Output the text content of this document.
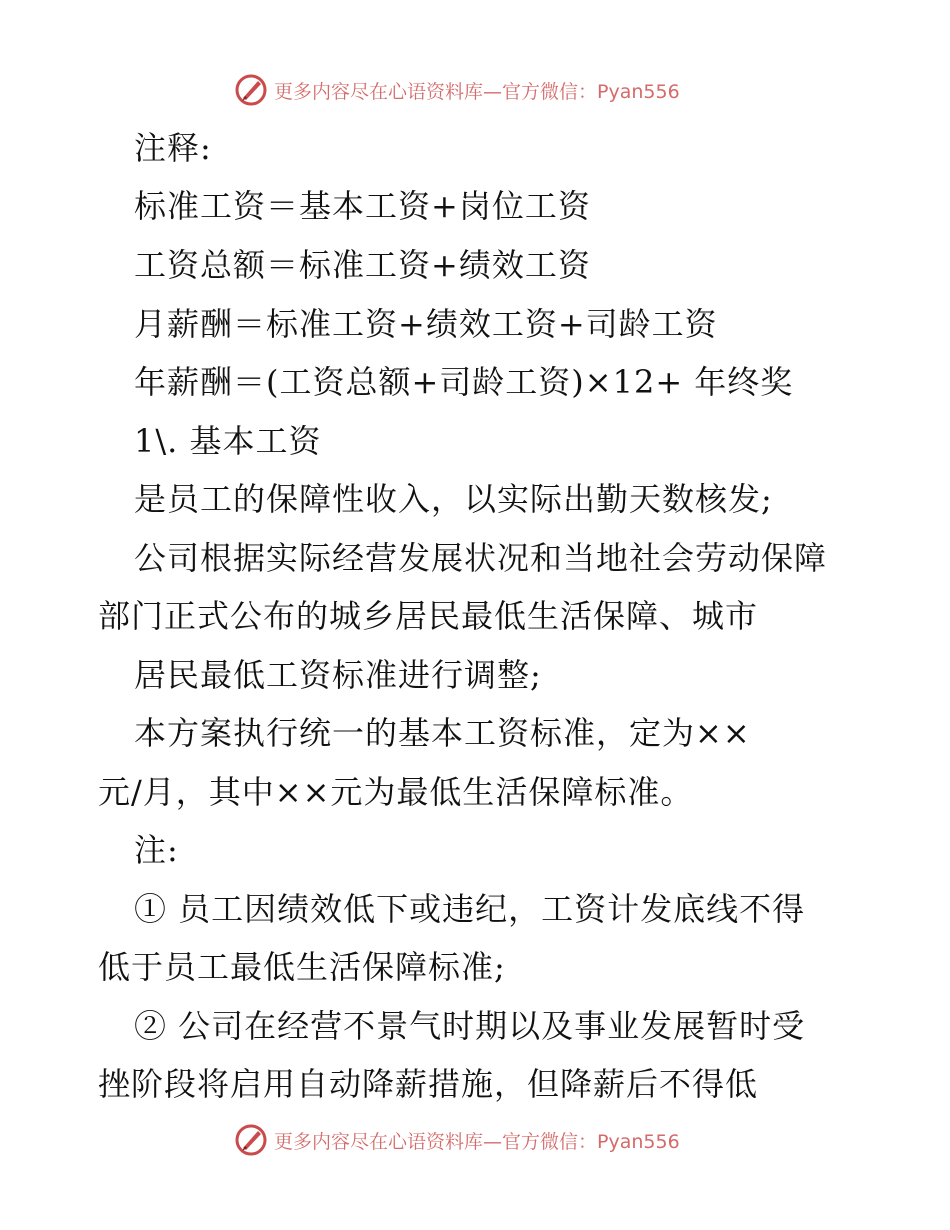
更多内容尽在心语资料库—官方微信：Pyan556
注释:
标准工资＝基本工资+岗位工资
工资总额＝标准工资+绩效工资
月薪酬＝标准工资+绩效工资+司龄工资
年薪酬＝(工资总额+司龄工资)×12+ 年终奖
1\. 基本工资
是员工的保障性收入，以实际出勤天数核发;
公司根据实际经营发展状况和当地社会劳动保障
部门正式公布的城乡居民最低生活保障、城市
居民最低工资标准进行调整;
本方案执行统一的基本工资标准，定为××
元/月，其中××元为最低生活保障标准。
注:
① 员工因绩效低下或违纪，工资计发底线不得
低于员工最低生活保障标准;
② 公司在经营不景气时期以及事业发展暂时受
挫阶段将启用自动降薪措施，但降薪后不得低
更多内容尽在心语资料库—官方微信：Pyan556
